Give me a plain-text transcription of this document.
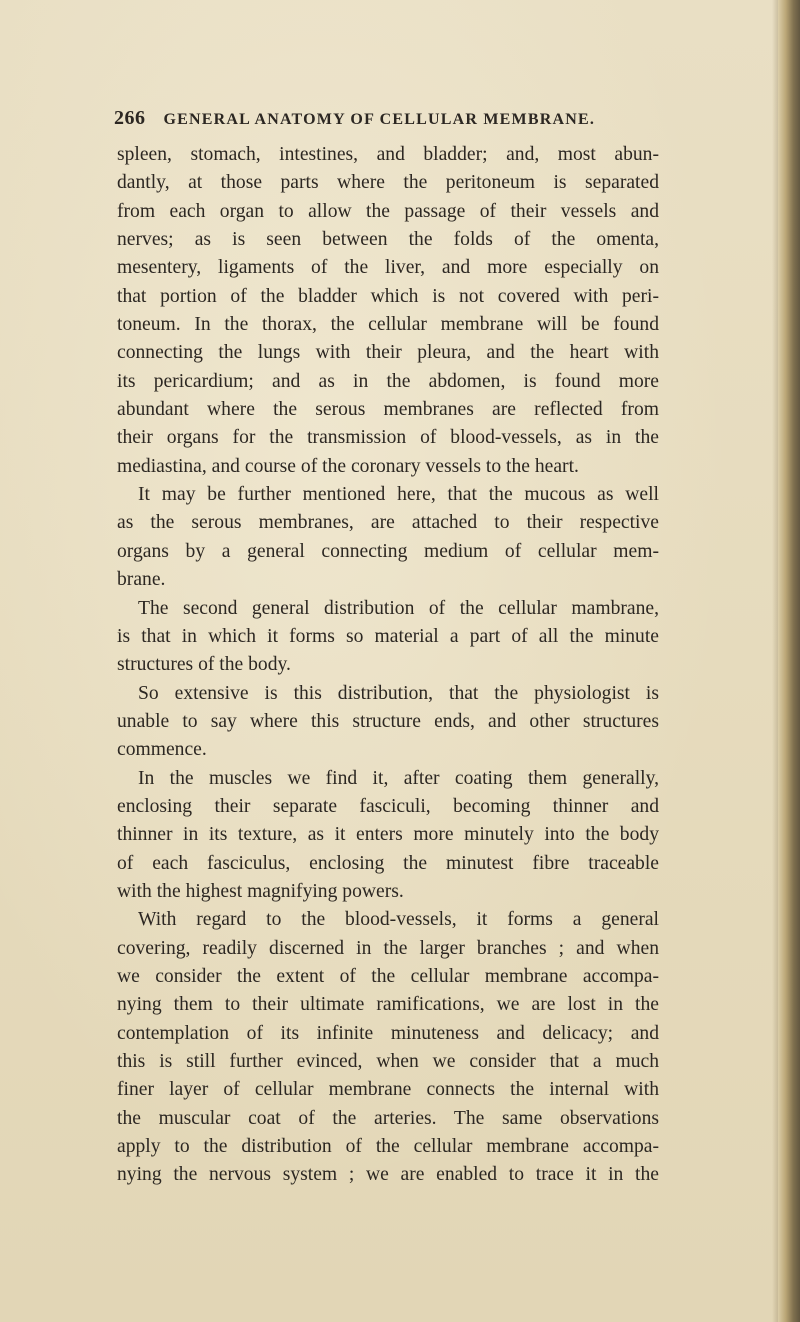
266 GENERAL ANATOMY OF CELLULAR MEMBRANE.
spleen, stomach, intestines, and bladder; and, most abun-
dantly, at those parts where the peritoneum is separated
from each organ to allow the passage of their vessels and
nerves; as is seen between the folds of the omenta,
mesentery, ligaments of the liver, and more especially on
that portion of the bladder which is not covered with peri-
toneum. In the thorax, the cellular membrane will be found
connecting the lungs with their pleura, and the heart with
its pericardium; and as in the abdomen, is found more
abundant where the serous membranes are reflected from
their organs for the transmission of blood-vessels, as in the
mediastina, and course of the coronary vessels to the heart.
It may be further mentioned here, that the mucous as well
as the serous membranes, are attached to their respective
organs by a general connecting medium of cellular mem-
brane.
The second general distribution of the cellular mambrane,
is that in which it forms so material a part of all the minute
structures of the body.
So extensive is this distribution, that the physiologist is
unable to say where this structure ends, and other structures
commence.
In the muscles we find it, after coating them generally,
enclosing their separate fasciculi, becoming thinner and
thinner in its texture, as it enters more minutely into the body
of each fasciculus, enclosing the minutest fibre traceable
with the highest magnifying powers.
With regard to the blood-vessels, it forms a general
covering, readily discerned in the larger branches ; and when
we consider the extent of the cellular membrane accompa-
nying them to their ultimate ramifications, we are lost in the
contemplation of its infinite minuteness and delicacy; and
this is still further evinced, when we consider that a much
finer layer of cellular membrane connects the internal with
the muscular coat of the arteries. The same observations
apply to the distribution of the cellular membrane accompa-
nying the nervous system ; we are enabled to trace it in the
